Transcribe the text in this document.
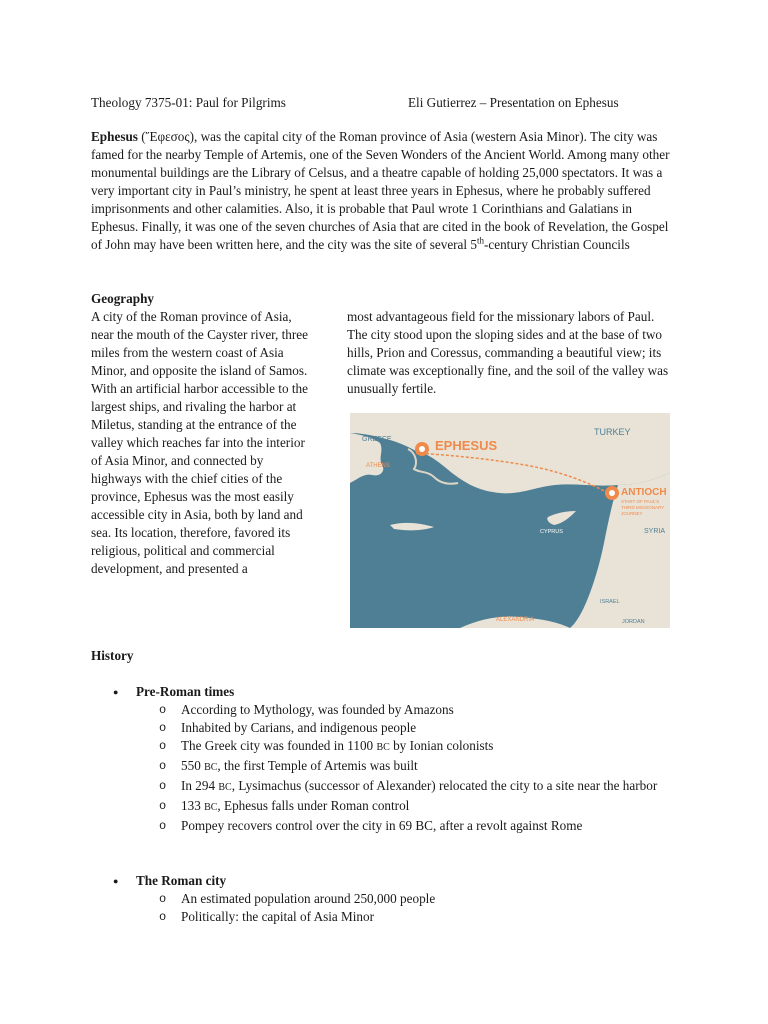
Theology 7375-01: Paul for Pilgrims	Eli Gutierrez – Presentation on Ephesus
Ephesus (Ἔφεσος), was the capital city of the Roman province of Asia (western Asia Minor). The city was famed for the nearby Temple of Artemis, one of the Seven Wonders of the Ancient World. Among many other monumental buildings are the Library of Celsus, and a theatre capable of holding 25,000 spectators. It was a very important city in Paul’s ministry, he spent at least three years in Ephesus, where he probably suffered imprisonments and other calamities. Also, it is probable that Paul wrote 1 Corinthians and Galatians in Ephesus. Finally, it was one of the seven churches of Asia that are cited in the book of Revelation, the Gospel of John may have been written here, and the city was the site of several 5th-century Christian Councils
Geography
A city of the Roman province of Asia, near the mouth of the Cayster river, three miles from the western coast of Asia Minor, and opposite the island of Samos. With an artificial harbor accessible to the largest ships, and rivaling the harbor at Miletus, standing at the entrance of the valley which reaches far into the interior of Asia Minor, and connected by highways with the chief cities of the province, Ephesus was the most easily accessible city in Asia, both by land and sea. Its location, therefore, favored its religious, political and commercial development, and presented a
most advantageous field for the missionary labors of Paul. The city stood upon the sloping sides and at the base of two hills, Prion and Coressus, commanding a beautiful view; its climate was exceptionally fine, and the soil of the valley was unusually fertile.
EPHESUS
ANTIOCH
START OF PAUL'S
THIRD MISSIONARY
JOURNEY
GREECE
ATHENS
TURKEY
SYRIA
CYPRUS
ISRAEL
ALEXANDRIA	JORDAN
History
● Pre-Roman times
o According to Mythology, was founded by Amazons
o Inhabited by Carians, and indigenous people
o The Greek city was founded in 1100 BC by Ionian colonists
o 550 BC, the first Temple of Artemis was built
o In 294 BC, Lysimachus (successor of Alexander) relocated the city to a site near the harbor
o 133 BC, Ephesus falls under Roman control
o Pompey recovers control over the city in 69 BC, after a revolt against Rome
● The Roman city
o An estimated population around 250,000 people
o Politically: the capital of Asia Minor
